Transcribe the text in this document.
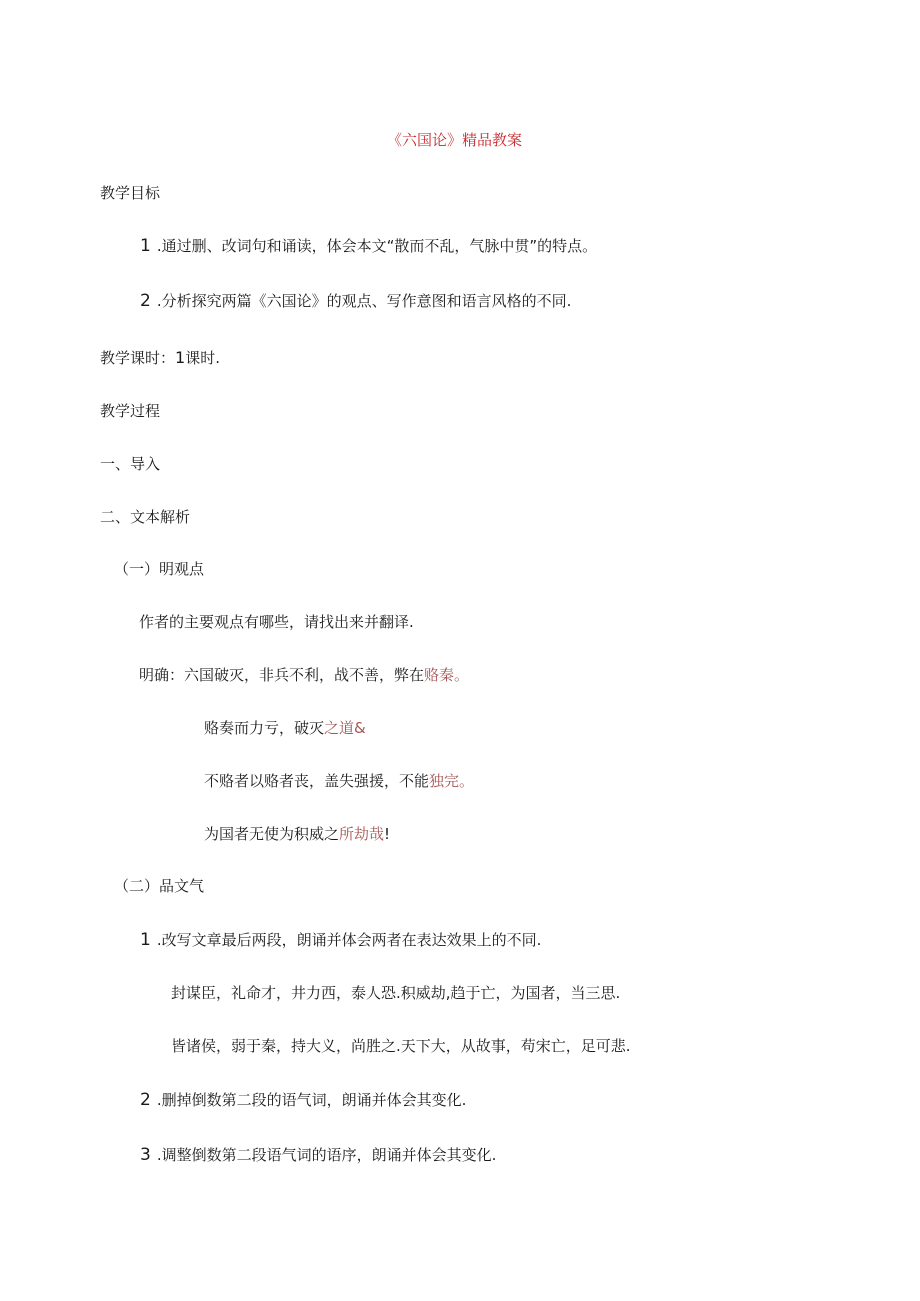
《六国论》精品教案
教学目标
1 .通过删、改词句和诵读，体会本文“散而不乱，气脉中贯”的特点。
2 .分析探究两篇《六国论》的观点、写作意图和语言风格的不同.
教学课时：1课时.
教学过程
一、导入
二、文本解析
（一）明观点
作者的主要观点有哪些，请找出来并翻译.
明确：六国破灭，非兵不利，战不善，弊在赂秦。
赂奏而力亏，破灭之道&
不赂者以赂者丧，盖失强援，不能独完。
为国者无使为积威之所劫哉!
（二）品文气
1 .改写文章最后两段，朗诵并体会两者在表达效果上的不同.
封谋臣，礼命才，井力西，泰人恐.积威劫,趋于亡，为国者，当三思.
皆诸侯，弱于秦，持大义，尚胜之.天下大，从故事，苟宋亡，足可悲.
2 .删掉倒数第二段的语气词，朗诵并体会其变化.
3 .调整倒数第二段语气词的语序，朗诵并体会其变化.
